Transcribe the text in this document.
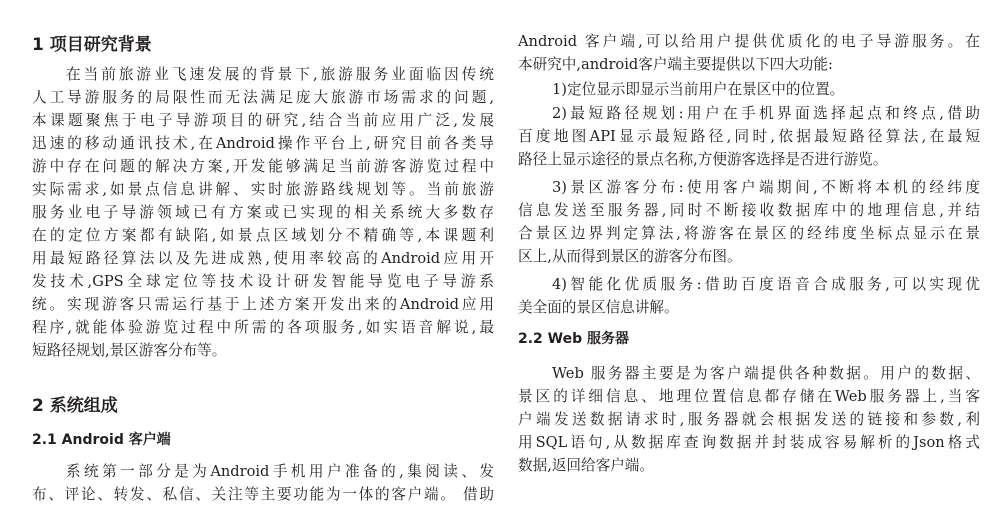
1 项目研究背景
在当前旅游业飞速发展的背景下,旅游服务业面临因传统
人工导游服务的局限性而无法满足庞大旅游市场需求的问题,
本课题聚焦于电子导游项目的研究,结合当前应用广泛,发展
迅速的移动通讯技术,在Android操作平台上,研究目前各类导
游中存在问题的解决方案,开发能够满足当前游客游览过程中
实际需求,如景点信息讲解、实时旅游路线规划等。当前旅游
服务业电子导游领域已有方案或已实现的相关系统大多数存
在的定位方案都有缺陷,如景点区域划分不精确等,本课题利
用最短路径算法以及先进成熟,使用率较高的Android应用开
发技术,GPS全球定位等技术设计研发智能导览电子导游系
统。实现游客只需运行基于上述方案开发出来的Android应用
程序,就能体验游览过程中所需的各项服务,如实语音解说,最
短路径规划,景区游客分布等。
2 系统组成
2.1 Android 客户端
系统第一部分是为Android手机用户准备的,集阅读、发
布、评论、转发、私信、关注等主要功能为一体的客户端。 借助
Android 客户端,可以给用户提供优质化的电子导游服务。在
本研究中,android客户端主要提供以下四大功能:
1)定位显示即显示当前用户在景区中的位置。
2)最短路径规划:用户在手机界面选择起点和终点,借助
百度地图API显示最短路径,同时,依据最短路径算法,在最短
路径上显示途径的景点名称,方便游客选择是否进行游览。
3)景区游客分布:使用客户端期间,不断将本机的经纬度
信息发送至服务器,同时不断接收数据库中的地理信息,并结
合景区边界判定算法,将游客在景区的经纬度坐标点显示在景
区上,从而得到景区的游客分布图。
4)智能化优质服务:借助百度语音合成服务,可以实现优
美全面的景区信息讲解。
2.2 Web 服务器
Web 服务器主要是为客户端提供各种数据。用户的数据、
景区的详细信息、地理位置信息都存储在Web服务器上,当客
户端发送数据请求时,服务器就会根据发送的链接和参数,利
用SQL语句,从数据库查询数据并封装成容易解析的Json格式
数据,返回给客户端。
